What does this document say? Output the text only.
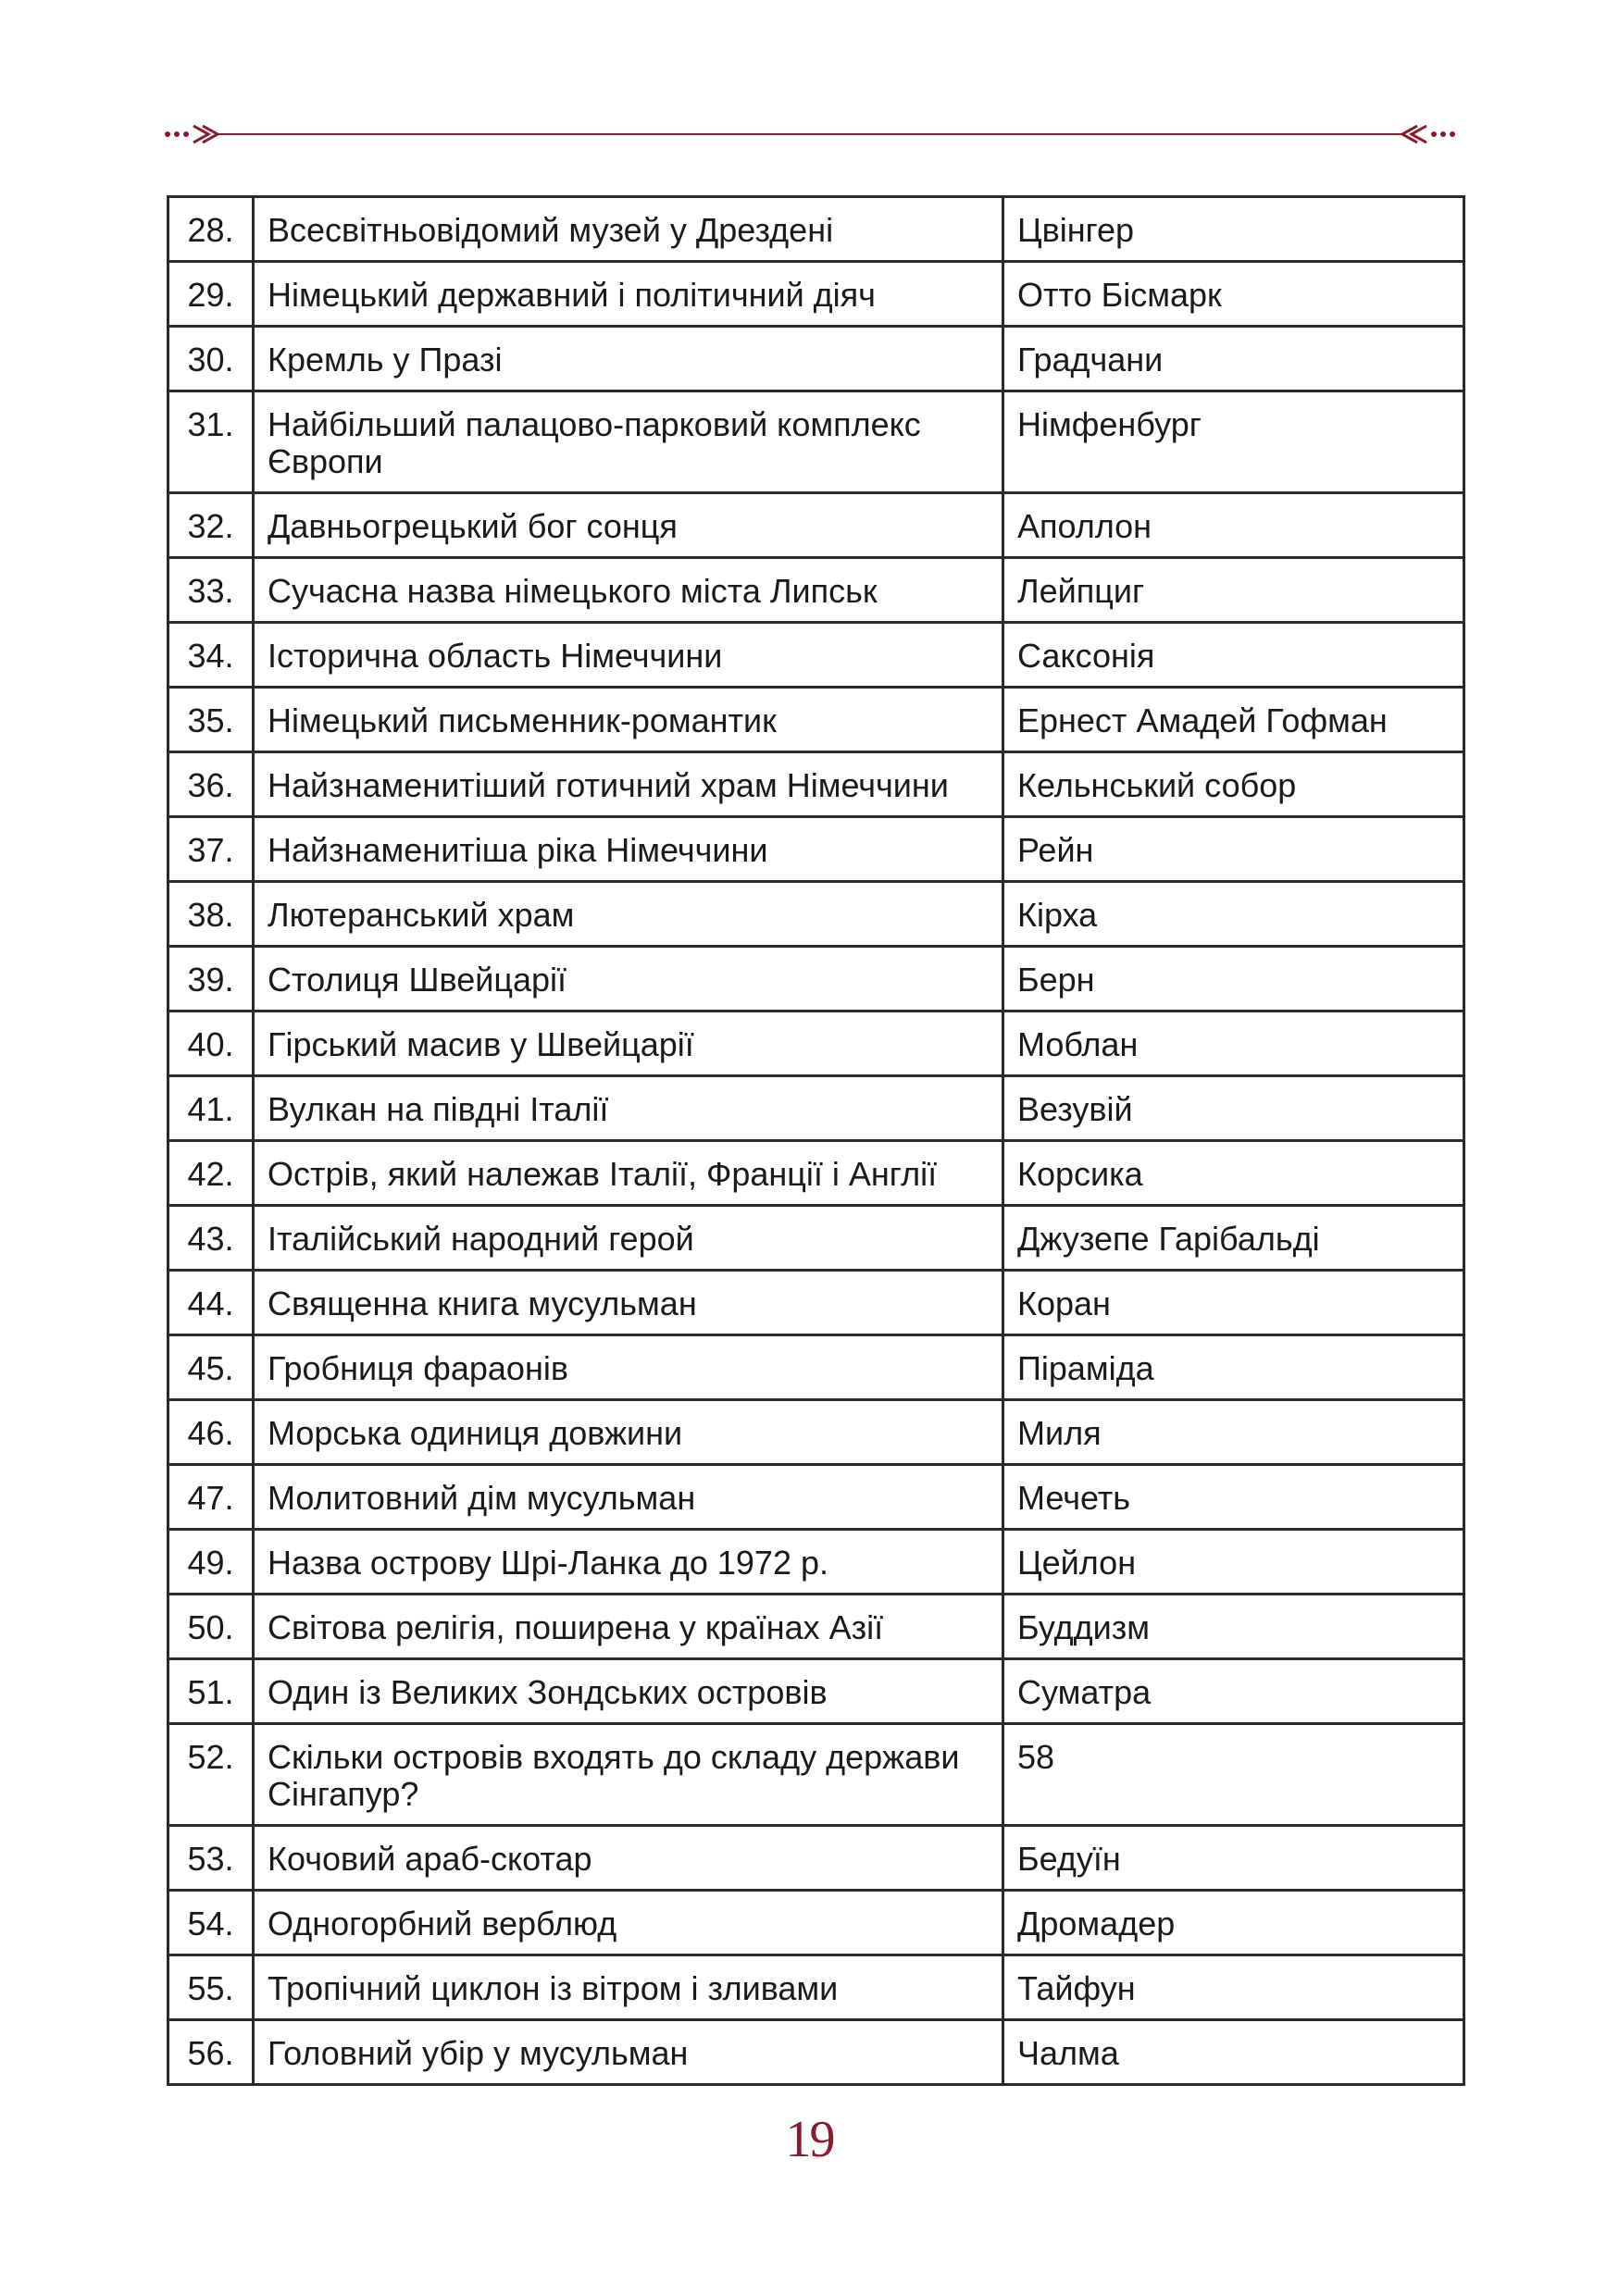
28.	Всесвітньовідомий музей у Дрездені	Цвінгер
29.	Німецький державний і політичний діяч	Отто Бісмарк
30.	Кремль у Празі	Градчани
31.	Найбільший палацово-парковий комплекс Європи	Німфенбург
32.	Давньогрецький бог сонця	Аполлон
33.	Сучасна назва німецького міста Липськ	Лейпциг
34.	Історична область Німеччини	Саксонія
35.	Німецький письменник-романтик	Ернест Амадей Гофман
36.	Найзнаменитіший готичний храм Німеччини	Кельнський собор
37.	Найзнаменитіша ріка Німеччини	Рейн
38.	Лютеранський храм	Кірха
39.	Столиця Швейцарії	Берн
40.	Гірський масив у Швейцарії	Моблан
41.	Вулкан на півдні Італії	Везувій
42.	Острів, який належав Італії, Франції і Англії	Корсика
43.	Італійський народний герой	Джузепе Гарібальді
44.	Священна книга мусульман	Коран
45.	Гробниця фараонів	Піраміда
46.	Морська одиниця довжини	Миля
47.	Молитовний дім мусульман	Мечеть
49.	Назва острову Шрі-Ланка до 1972 р.	Цейлон
50.	Світова релігія, поширена у країнах Азії	Буддизм
51.	Один із Великих Зондських островів	Суматра
52.	Скільки островів входять до складу держави Сінгапур?	58
53.	Кочовий араб-скотар	Бедуїн
54.	Одногорбний верблюд	Дромадер
55.	Тропічний циклон із вітром і зливами	Тайфун
56.	Головний убір у мусульман	Чалма
19
